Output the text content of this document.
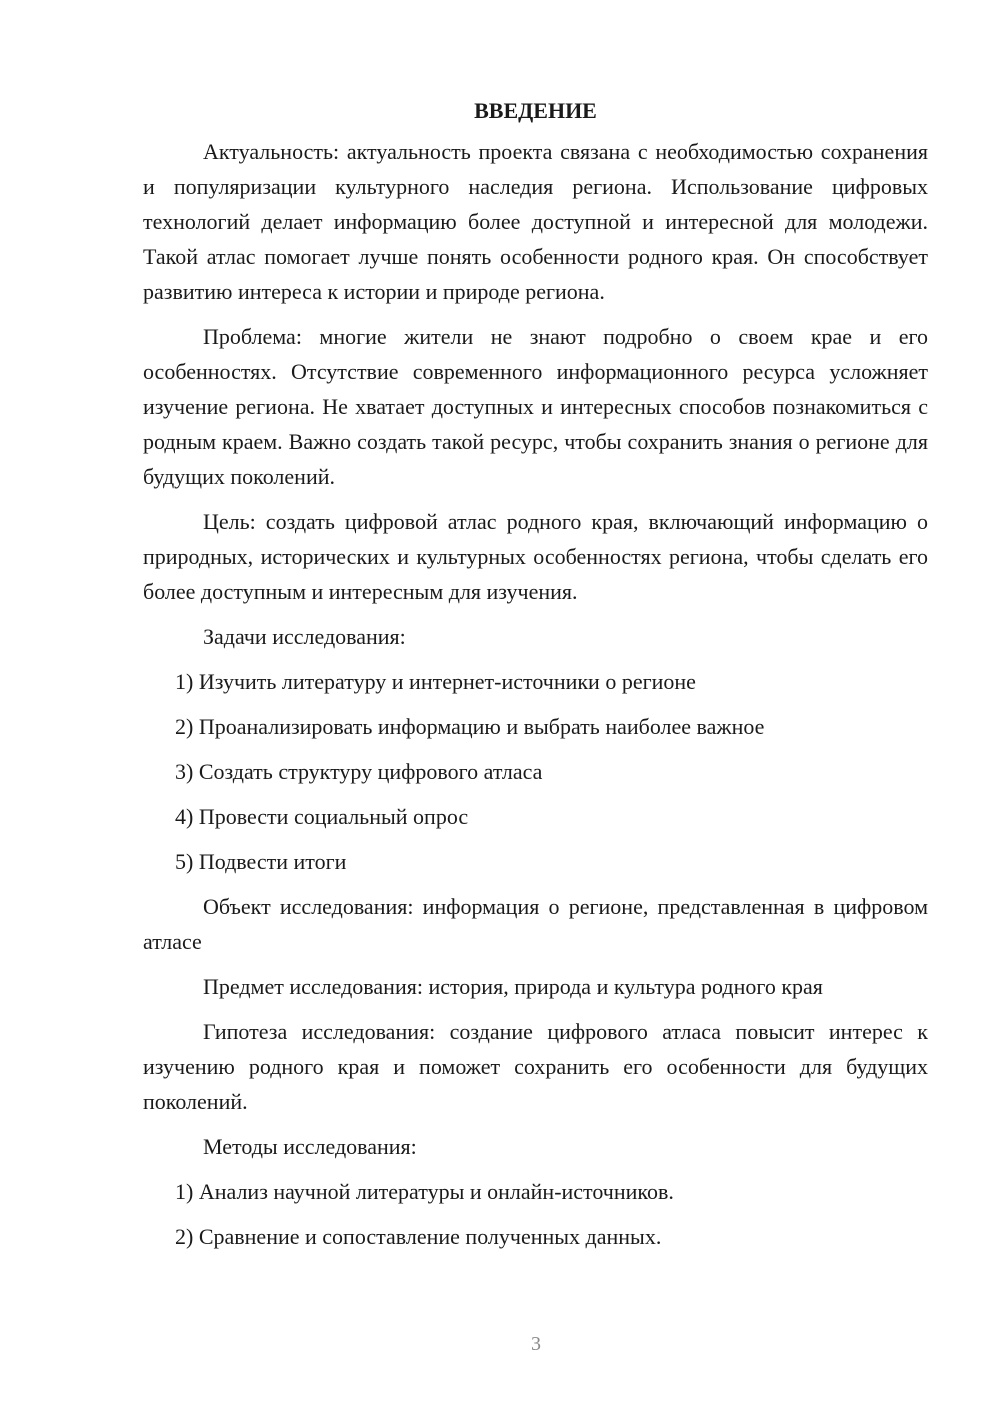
ВВЕДЕНИЕ

Актуальность: актуальность проекта связана с необходимостью сохранения и популяризации культурного наследия региона. Использование цифровых технологий делает информацию более доступной и интересной для молодежи. Такой атлас помогает лучше понять особенности родного края. Он способствует развитию интереса к истории и природе региона.

Проблема: многие жители не знают подробно о своем крае и его особенностях. Отсутствие современного информационного ресурса усложняет изучение региона. Не хватает доступных и интересных способов познакомиться с родным краем. Важно создать такой ресурс, чтобы сохранить знания о регионе для будущих поколений.

Цель: создать цифровой атлас родного края, включающий информацию о природных, исторических и культурных особенностях региона, чтобы сделать его более доступным и интересным для изучения.

Задачи исследования:

1) Изучить литературу и интернет-источники о регионе

2) Проанализировать информацию и выбрать наиболее важное

3) Создать структуру цифрового атласа

4) Провести социальный опрос

5) Подвести итоги

Объект исследования: информация о регионе, представленная в цифровом атласе

Предмет исследования: история, природа и культура родного края

Гипотеза исследования: создание цифрового атласа повысит интерес к изучению родного края и поможет сохранить его особенности для будущих поколений.

Методы исследования:

1) Анализ научной литературы и онлайн-источников.

2) Сравнение и сопоставление полученных данных.

3
